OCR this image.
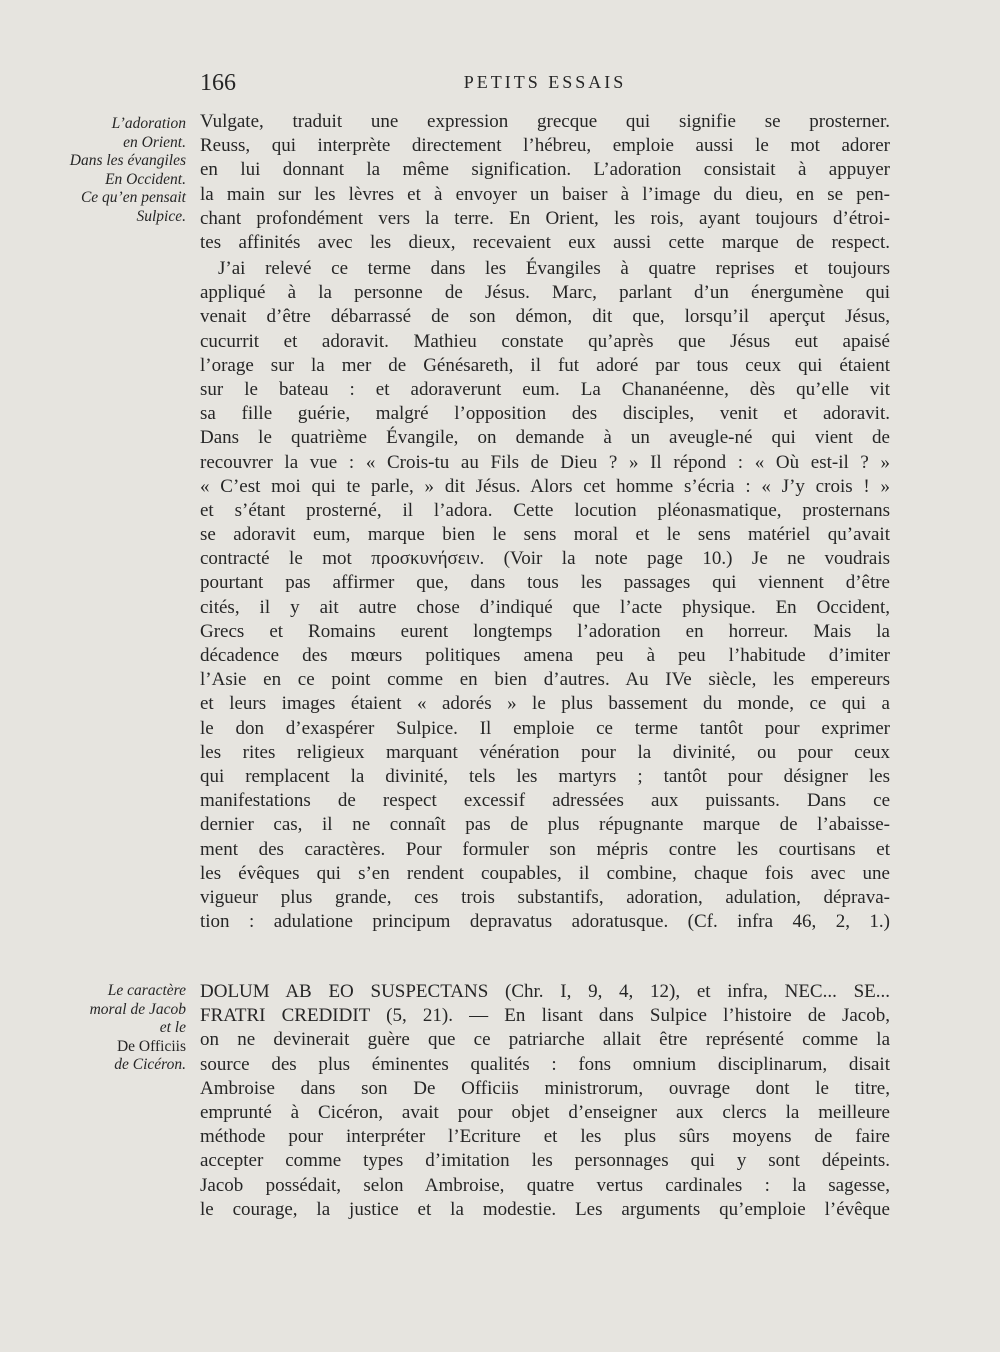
166	PETITS ESSAIS
L’adoration
en Orient.
Dans les évangiles
En Occident.
Ce qu’en pensait
Sulpice.
Le caractère
moral de Jacob
et le
De Officiis
de Cicéron.
Vulgate, traduit une expression grecque qui signifie se prosterner.
Reuss, qui interprète directement l’hébreu, emploie aussi le mot adorer
en lui donnant la même signification. L’adoration consistait à appuyer
la main sur les lèvres et à envoyer un baiser à l’image du dieu, en se pen-
chant profondément vers la terre. En Orient, les rois, ayant toujours d’étroi-
tes affinités avec les dieux, recevaient eux aussi cette marque de respect.
J’ai relevé ce terme dans les Évangiles à quatre reprises et toujours
appliqué à la personne de Jésus. Marc, parlant d’un énergumène qui
venait d’être débarrassé de son démon, dit que, lorsqu’il aperçut Jésus,
cucurrit et adoravit. Mathieu constate qu’après que Jésus eut apaisé
l’orage sur la mer de Génésareth, il fut adoré par tous ceux qui étaient
sur le bateau : et adoraverunt eum. La Chananéenne, dès qu’elle vit
sa fille guérie, malgré l’opposition des disciples, venit et adoravit.
Dans le quatrième Évangile, on demande à un aveugle-né qui vient de
recouvrer la vue : « Crois-tu au Fils de Dieu ? » Il répond : « Où est-il ? »
« C’est moi qui te parle, » dit Jésus. Alors cet homme s’écria : « J’y crois ! »
et s’étant prosterné, il l’adora. Cette locution pléonasmatique, prosternans
se adoravit eum, marque bien le sens moral et le sens matériel qu’avait
contracté le mot προσκυνήσειν. (Voir la note page 10.) Je ne voudrais
pourtant pas affirmer que, dans tous les passages qui viennent d’être
cités, il y ait autre chose d’indiqué que l’acte physique. En Occident,
Grecs et Romains eurent longtemps l’adoration en horreur. Mais la
décadence des mœurs politiques amena peu à peu l’habitude d’imiter
l’Asie en ce point comme en bien d’autres. Au IVe siècle, les empereurs
et leurs images étaient « adorés » le plus bassement du monde, ce qui a
le don d’exaspérer Sulpice. Il emploie ce terme tantôt pour exprimer
les rites religieux marquant vénération pour la divinité, ou pour ceux
qui remplacent la divinité, tels les martyrs ; tantôt pour désigner les
manifestations de respect excessif adressées aux puissants. Dans ce
dernier cas, il ne connaît pas de plus répugnante marque de l’abaisse-
ment des caractères. Pour formuler son mépris contre les courtisans et
les évêques qui s’en rendent coupables, il combine, chaque fois avec une
vigueur plus grande, ces trois substantifs, adoration, adulation, déprava-
tion : adulatione principum depravatus adoratusque. (Cf. infra 46, 2, 1.)
DOLUM AB EO SUSPECTANS (Chr. I, 9, 4, 12), et infra, NEC... SE...
FRATRI CREDIDIT (5, 21). — En lisant dans Sulpice l’histoire de Jacob,
on ne devinerait guère que ce patriarche allait être représenté comme la
source des plus éminentes qualités : fons omnium disciplinarum, disait
Ambroise dans son De Officiis ministrorum, ouvrage dont le titre,
emprunté à Cicéron, avait pour objet d’enseigner aux clercs la meilleure
méthode pour interpréter l’Ecriture et les plus sûrs moyens de faire
accepter comme types d’imitation les personnages qui y sont dépeints.
Jacob possédait, selon Ambroise, quatre vertus cardinales : la sagesse,
le courage, la justice et la modestie. Les arguments qu’emploie l’évêque
